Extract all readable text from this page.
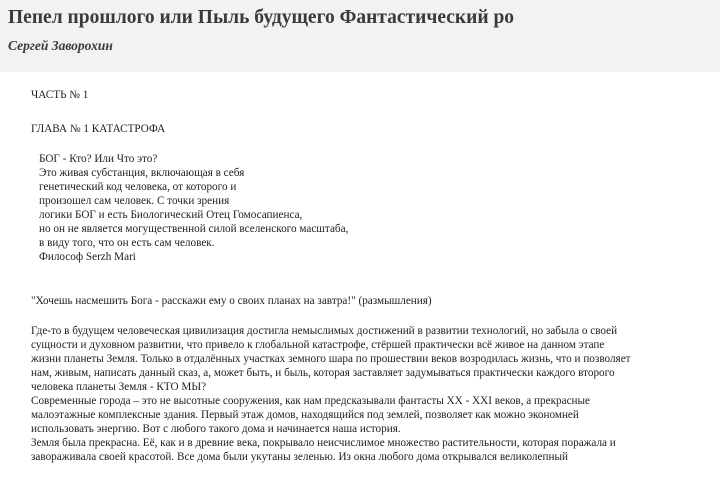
Пепел прошлого или Пыль будущего Фантастический ро
Сергей Заворохин
ЧАСТЬ № 1
ГЛАВА № 1 КАТАСТРОФА
БОГ - Кто? Или Что это?
Это живая субстанция, включающая в себя
генетический код человека, от которого и
произошел сам человек. С точки зрения
логики БОГ и есть Биологический Отец Гомосапиенса,
но он не является могущественной силой вселенского масштаба,
в виду того, что он есть сам человек.
Философ Serzh Mari
"Хочешь насмешить Бога - расскажи ему о своих планах на завтра!" (размышления)
Где-то в будущем человеческая цивилизация достигла немыслимых достижений в развитии технологий, но забыла о своей
сущности и духовном развитии, что привело к глобальной катастрофе, стёршей практически всё живое на данном этапе
жизни планеты Земля. Только в отдалённых участках земного шара по прошествии веков возродилась жизнь, что и позволяет
нам, живым, написать данный сказ, а, может быть, и быль, которая заставляет задумываться практически каждого второго
человека планеты Земля - КТО МЫ?
Современные города – это не высотные сооружения, как нам предсказывали фантасты XX - XXI веков, а прекрасные
малоэтажные комплексные здания. Первый этаж домов, находящийся под землей, позволяет как можно экономней
использовать энергию. Вот с любого такого дома и начинается наша история.
Земля была прекрасна. Её, как и в древние века, покрывало неисчислимое множество растительности, которая поражала и
завораживала своей красотой. Все дома были укутаны зеленью. Из окна любого дома открывался великолепный
